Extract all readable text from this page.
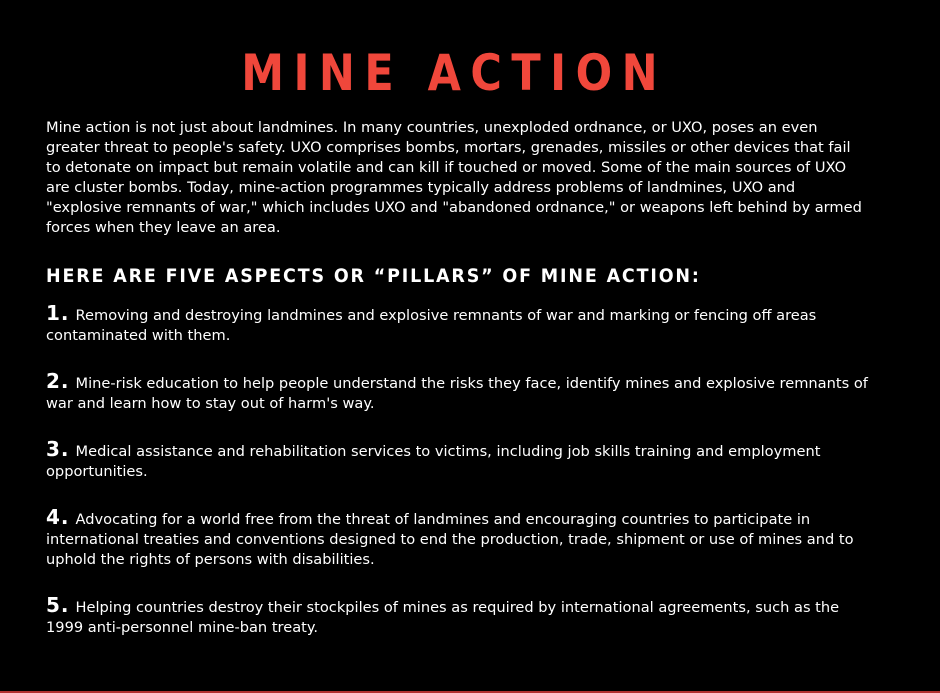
MINE ACTION
Mine action is not just about landmines. In many countries, unexploded ordnance, or UXO, poses an even
greater threat to people's safety. UXO comprises bombs, mortars, grenades, missiles or other devices that fail
to detonate on impact but remain volatile and can kill if touched or moved. Some of the main sources of UXO
are cluster bombs. Today, mine-action programmes typically address problems of landmines, UXO and
"explosive remnants of war," which includes UXO and "abandoned ordnance," or weapons left behind by armed
forces when they leave an area.
HERE ARE FIVE ASPECTS OR “PILLARS” OF MINE ACTION:
1. Removing and destroying landmines and explosive remnants of war and marking or fencing off areas
contaminated with them.
2. Mine-risk education to help people understand the risks they face, identify mines and explosive remnants of
war and learn how to stay out of harm's way.
3. Medical assistance and rehabilitation services to victims, including job skills training and employment
opportunities.
4. Advocating for a world free from the threat of landmines and encouraging countries to participate in
international treaties and conventions designed to end the production, trade, shipment or use of mines and to
uphold the rights of persons with disabilities.
5. Helping countries destroy their stockpiles of mines as required by international agreements, such as the
1999 anti-personnel mine-ban treaty.
